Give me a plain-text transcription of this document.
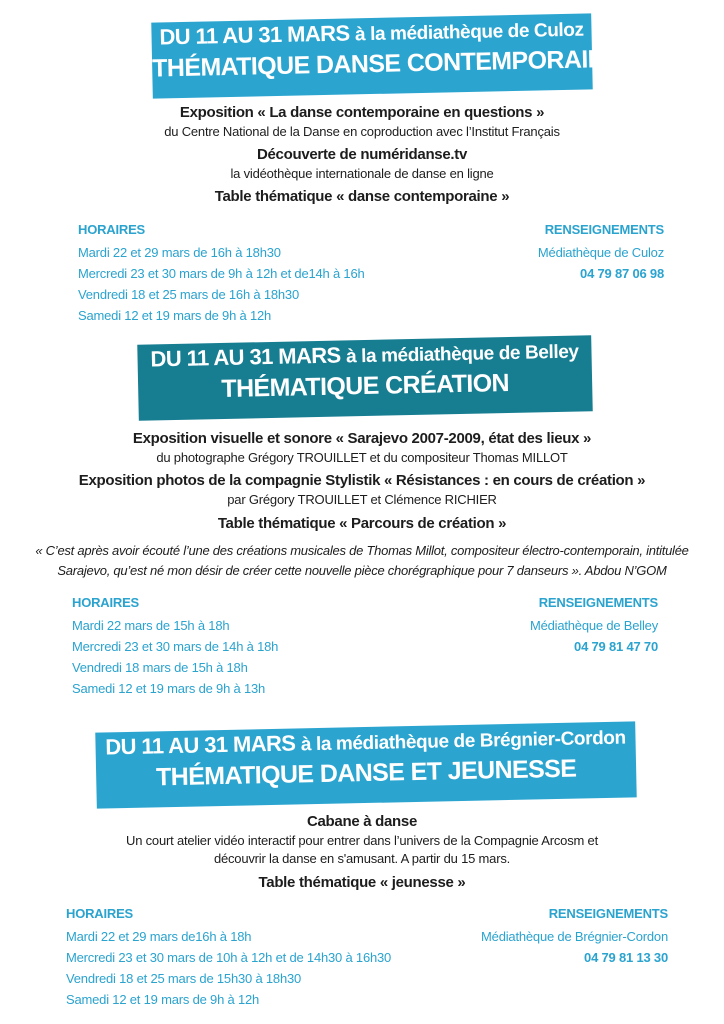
DU 11 AU 31 MARS à la médiathèque de Culoz
THÉMATIQUE DANSE CONTEMPORAINE
Exposition « La danse contemporaine en questions »
du Centre National de la Danse en coproduction avec l’Institut Français
Découverte de numéridanse.tv
la vidéothèque internationale de danse en ligne
Table thématique « danse contemporaine »
HORAIRES
Mardi 22 et 29 mars de 16h à 18h30
Mercredi 23 et 30 mars de 9h à 12h et de14h à 16h
Vendredi 18 et 25 mars de 16h à 18h30
Samedi 12 et 19 mars de 9h à 12h
RENSEIGNEMENTS
Médiathèque de Culoz
04 79 87 06 98
DU 11 AU 31 MARS à la médiathèque de Belley
THÉMATIQUE CRÉATION
Exposition visuelle et sonore « Sarajevo 2007-2009, état des lieux »
du photographe Grégory TROUILLET et du compositeur Thomas MILLOT
Exposition photos de la compagnie Stylistik « Résistances : en cours de création »
par Grégory TROUILLET et Clémence RICHIER
Table thématique « Parcours de création »
« C’est après avoir écouté l’une des créations musicales de Thomas Millot, compositeur électro-contemporain, intitulée
Sarajevo, qu’est né mon désir de créer cette nouvelle pièce chorégraphique pour 7 danseurs ». Abdou N’GOM
HORAIRES
Mardi 22 mars de 15h à 18h
Mercredi 23 et 30 mars de 14h à 18h
Vendredi 18 mars de 15h à 18h
Samedi 12 et 19 mars de 9h à 13h
RENSEIGNEMENTS
Médiathèque de Belley
04 79 81 47 70
DU 11 AU 31 MARS à la médiathèque de Brégnier-Cordon
THÉMATIQUE DANSE ET JEUNESSE
Cabane à danse
Un court atelier vidéo interactif pour entrer dans l’univers de la Compagnie Arcosm et
découvrir la danse en s'amusant. A partir du 15 mars.
Table thématique « jeunesse »
HORAIRES
Mardi 22 et 29 mars de16h à 18h
Mercredi 23 et 30 mars de 10h à 12h et de 14h30 à 16h30
Vendredi 18 et 25 mars de 15h30 à 18h30
Samedi 12 et 19 mars de 9h à 12h
RENSEIGNEMENTS
Médiathèque de Brégnier-Cordon
04 79 81 13 30
